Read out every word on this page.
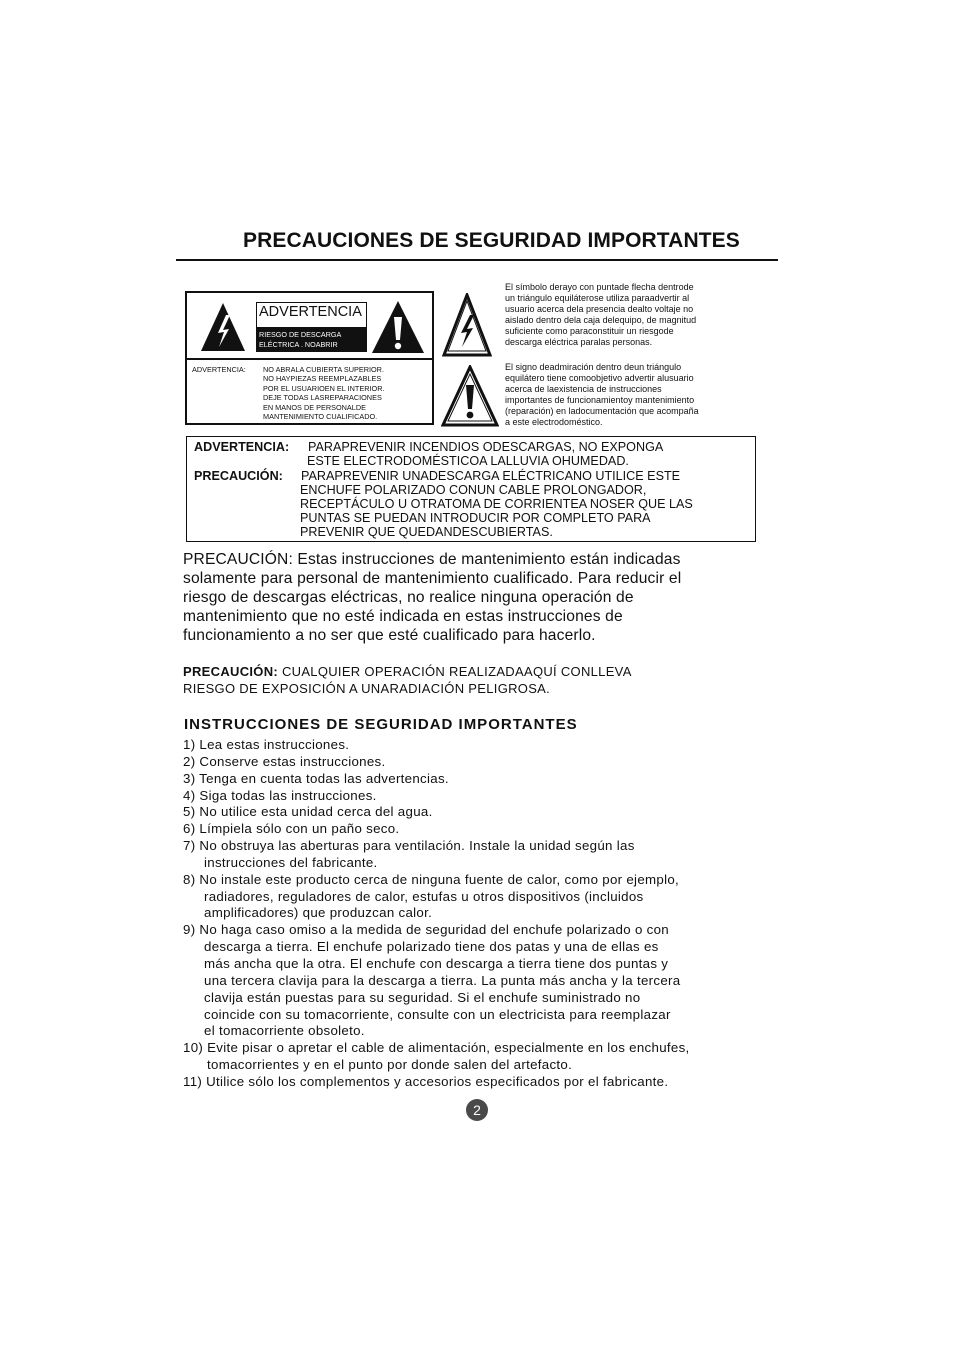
PRECAUCIONES DE SEGURIDAD IMPORTANTES
ADVERTENCIA
RIESGO DE DESCARGA
ELÉCTRICA . NOABRIR
ADVERTENCIA: NO ABRALA CUBIERTA SUPERIOR.
NO HAYPIEZAS REEMPLAZABLES
POR EL USUARIOEN EL INTERIOR.
DEJE TODAS LASREPARACIONES
EN MANOS DE PERSONALDE
MANTENIMIENTO CUALIFICADO.
El símbolo derayo con puntade flecha dentrode
un triángulo equiláterose utiliza paraadvertir al
usuario acerca dela presencia dealto voltaje no
aislado dentro dela caja delequipo, de magnitud
suficiente como paraconstituir un riesgode
descarga eléctrica paralas personas.
El signo deadmiración dentro deun triángulo
equilátero tiene comoobjetivo advertir alusuario
acerca de laexistencia de instrucciones
importantes de funcionamientoy mantenimiento
(reparación) en ladocumentación que acompaña
a este electrodoméstico.
ADVERTENCIA: PARAPREVENIR INCENDIOS ODESCARGAS, NO EXPONGA
ESTE ELECTRODOMÉSTICOA LALLUVIA OHUMEDAD.
PRECAUCIÓN: PARAPREVENIR UNADESCARGA ELÉCTRICANO UTILICE ESTE
ENCHUFE POLARIZADO CONUN CABLE PROLONGADOR,
RECEPTÁCULO U OTRATOMA DE CORRIENTEA NOSER QUE LAS
PUNTAS SE PUEDAN INTRODUCIR POR COMPLETO PARA
PREVENIR QUE QUEDANDESCUBIERTAS.
PRECAUCIÓN: Estas instrucciones de mantenimiento están indicadas
solamente para personal de mantenimiento cualificado. Para reducir el
riesgo de descargas eléctricas, no realice ninguna operación de
mantenimiento que no esté indicada en estas instrucciones de
funcionamiento a no ser que esté cualificado para hacerlo.
PRECAUCIÓN: CUALQUIER OPERACIÓN REALIZADAAQUÍ CONLLEVA
RIESGO DE EXPOSICIÓN A UNARADIACIÓN PELIGROSA.
INSTRUCCIONES DE SEGURIDAD IMPORTANTES
1) Lea estas instrucciones.
2) Conserve estas instrucciones.
3) Tenga en cuenta todas las advertencias.
4) Siga todas las instrucciones.
5) No utilice esta unidad cerca del agua.
6) Límpiela sólo con un paño seco.
7) No obstruya las aberturas para ventilación. Instale la unidad según las
instrucciones del fabricante.
8) No instale este producto cerca de ninguna fuente de calor, como por ejemplo,
radiadores, reguladores de calor, estufas u otros dispositivos (incluidos
amplificadores) que produzcan calor.
9) No haga caso omiso a la medida de seguridad del enchufe polarizado o con
descarga a tierra. El enchufe polarizado tiene dos patas y una de ellas es
más ancha que la otra. El enchufe con descarga a tierra tiene dos puntas y
una tercera clavija para la descarga a tierra. La punta más ancha y la tercera
clavija están puestas para su seguridad. Si el enchufe suministrado no
coincide con su tomacorriente, consulte con un electricista para reemplazar
el tomacorriente obsoleto.
10) Evite pisar o apretar el cable de alimentación, especialmente en los enchufes,
tomacorrientes y en el punto por donde salen del artefacto.
11) Utilice sólo los complementos y accesorios especificados por el fabricante.
2
